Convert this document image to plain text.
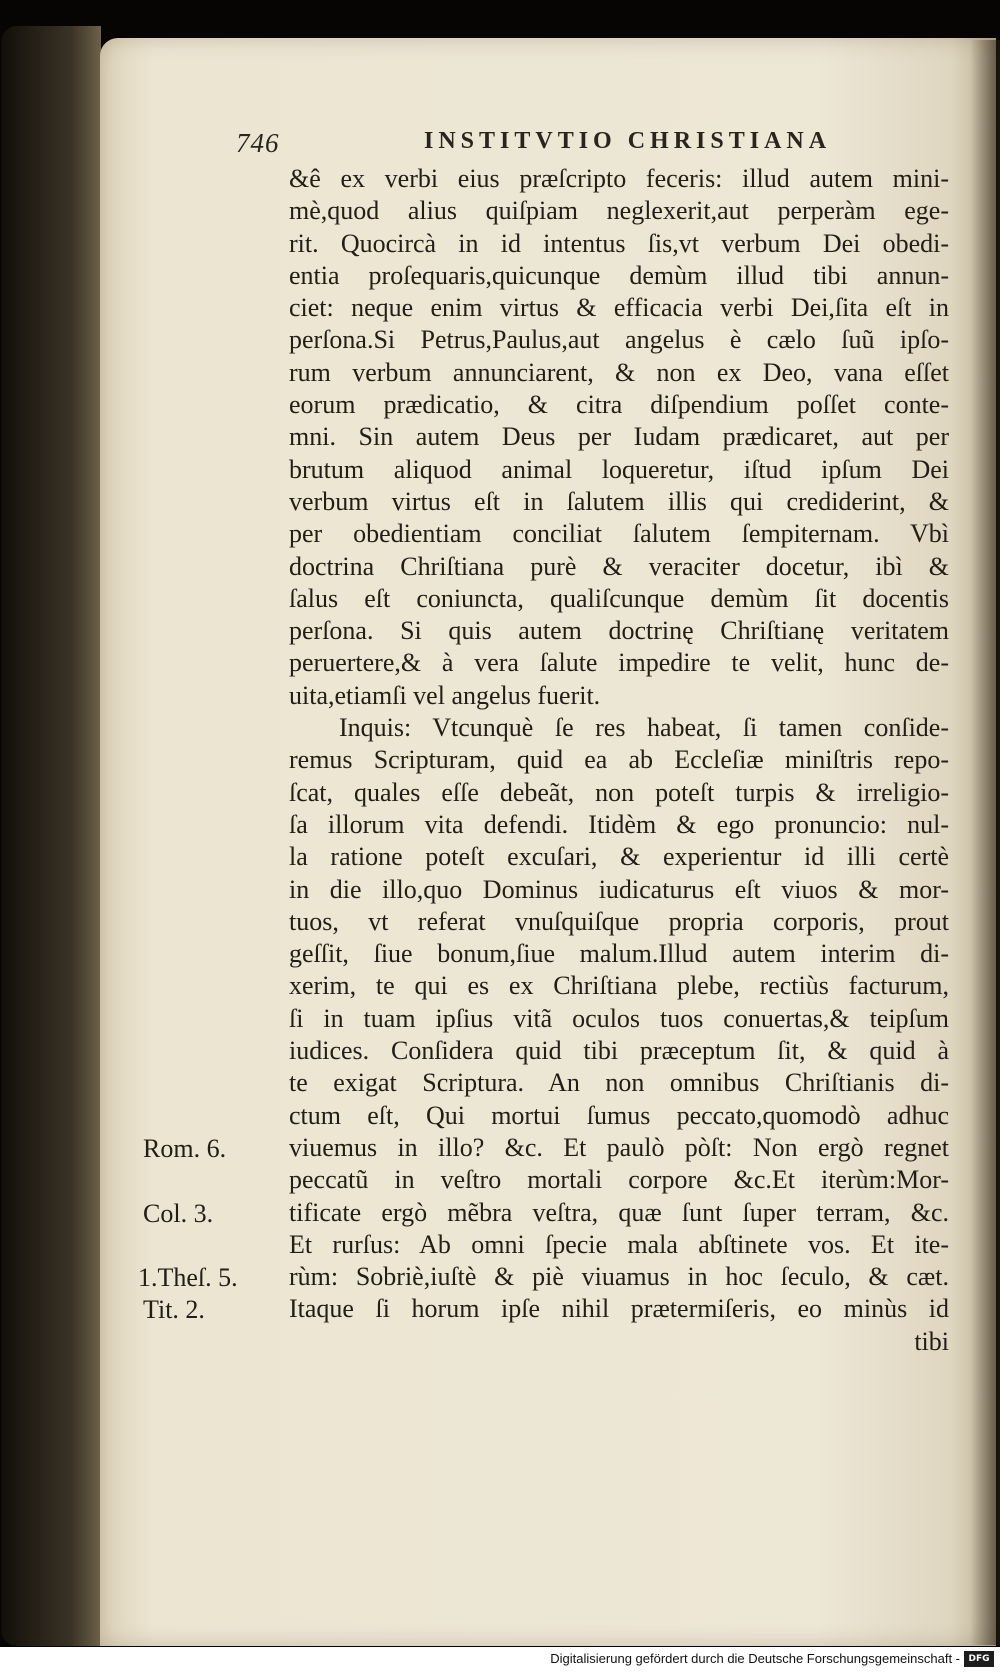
746	INSTITVTIO CHRISTIANA
&ê ex verbi eius præſcripto feceris: illud autem mini-
mè,quod alius quiſpiam neglexerit,aut perperàm ege-
rit. Quocircà in id intentus ſis,vt verbum Dei obedi-
entia proſequaris,quicunque demùm illud tibi annun-
ciet: neque enim virtus & efficacia verbi Dei,ſita eſt in
perſona.Si Petrus,Paulus,aut angelus è cælo ſuũ ipſo-
rum verbum annunciarent, & non ex Deo, vana eſſet
eorum prædicatio, & citra diſpendium poſſet conte-
mni. Sin autem Deus per Iudam prædicaret, aut per
brutum aliquod animal loqueretur, iſtud ipſum Dei
verbum virtus eſt in ſalutem illis qui crediderint, &
per obedientiam conciliat ſalutem ſempiternam. Vbì
doctrina Chriſtiana purè & veraciter docetur, ibì &
ſalus eſt coniuncta, qualiſcunque demùm ſit docentis
perſona. Si quis autem doctrinę Chriſtianę veritatem
peruertere,& à vera ſalute impedire te velit, hunc de-
uita,etiamſi vel angelus fuerit.
Inquis: Vtcunquè ſe res habeat, ſi tamen conſide-
remus Scripturam, quid ea ab Eccleſiæ miniſtris repo-
ſcat, quales eſſe debeãt, non poteſt turpis & irreligio-
ſa illorum vita defendi. Itidèm & ego pronuncio: nul-
la ratione poteſt excuſari, & experientur id illi certè
in die illo,quo Dominus iudicaturus eſt viuos & mor-
tuos, vt referat vnuſquiſque propria corporis, prout
geſſit, ſiue bonum,ſiue malum.Illud autem interim di-
xerim, te qui es ex Chriſtiana plebe, rectiùs facturum,
ſi in tuam ipſius vitã oculos tuos conuertas,& teipſum
iudices. Conſidera quid tibi præceptum ſit, & quid à
te exigat Scriptura. An non omnibus Chriſtianis di-
ctum eſt, Qui mortui ſumus peccato,quomodò adhuc
viuemus in illo? &c. Et paulò pòſt: Non ergò regnet
peccatũ in veſtro mortali corpore &c.Et iterùm:Mor-
tificate ergò mẽbra veſtra, quæ ſunt ſuper terram, &c.
Et rurſus: Ab omni ſpecie mala abſtinete vos. Et ite-
rùm: Sobriè,iuſtè & piè viuamus in hoc ſeculo, & cæt.
Itaque ſi horum ipſe nihil prætermiſeris, eo minùs id
tibi
Rom. 6.
Col. 3.
1.Theſ. 5.
Tit. 2.
Digitalisierung gefördert durch die Deutsche Forschungsgemeinschaft - DFG
